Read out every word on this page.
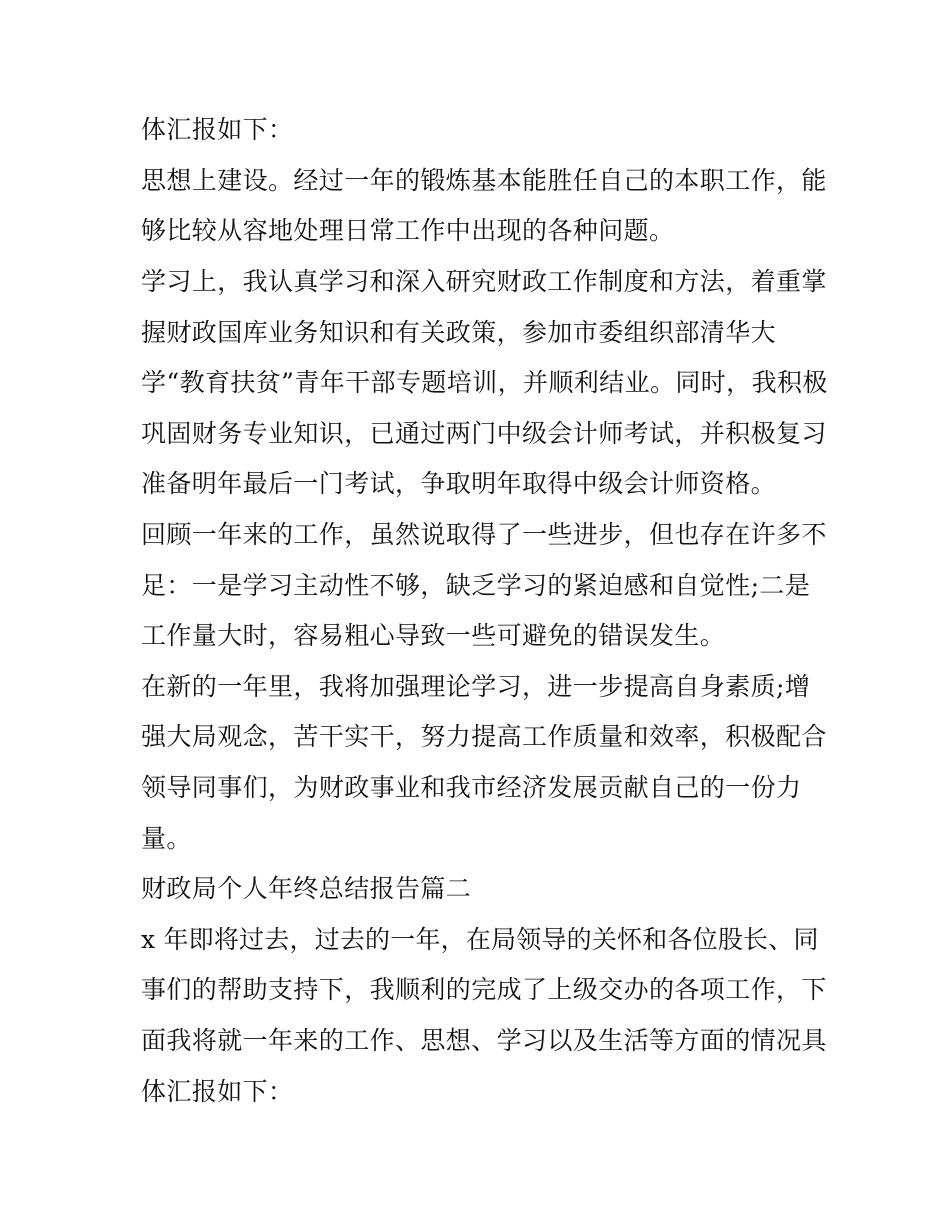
体汇报如下：
思想上建设。经过一年的锻炼基本能胜任自己的本职工作，能
够比较从容地处理日常工作中出现的各种问题。
学习上，我认真学习和深入研究财政工作制度和方法，着重掌
握财政国库业务知识和有关政策，参加市委组织部清华大
学“教育扶贫”青年干部专题培训，并顺利结业。同时，我积极
巩固财务专业知识，已通过两门中级会计师考试，并积极复习
准备明年最后一门考试，争取明年取得中级会计师资格。
回顾一年来的工作，虽然说取得了一些进步，但也存在许多不
足：一是学习主动性不够，缺乏学习的紧迫感和自觉性;二是
工作量大时，容易粗心导致一些可避免的错误发生。
在新的一年里，我将加强理论学习，进一步提高自身素质;增
强大局观念，苦干实干，努力提高工作质量和效率，积极配合
领导同事们，为财政事业和我市经济发展贡献自己的一份力
量。
财政局个人年终总结报告篇二
x 年即将过去，过去的一年，在局领导的关怀和各位股长、同
事们的帮助支持下，我顺利的完成了上级交办的各项工作，下
面我将就一年来的工作、思想、学习以及生活等方面的情况具
体汇报如下：
